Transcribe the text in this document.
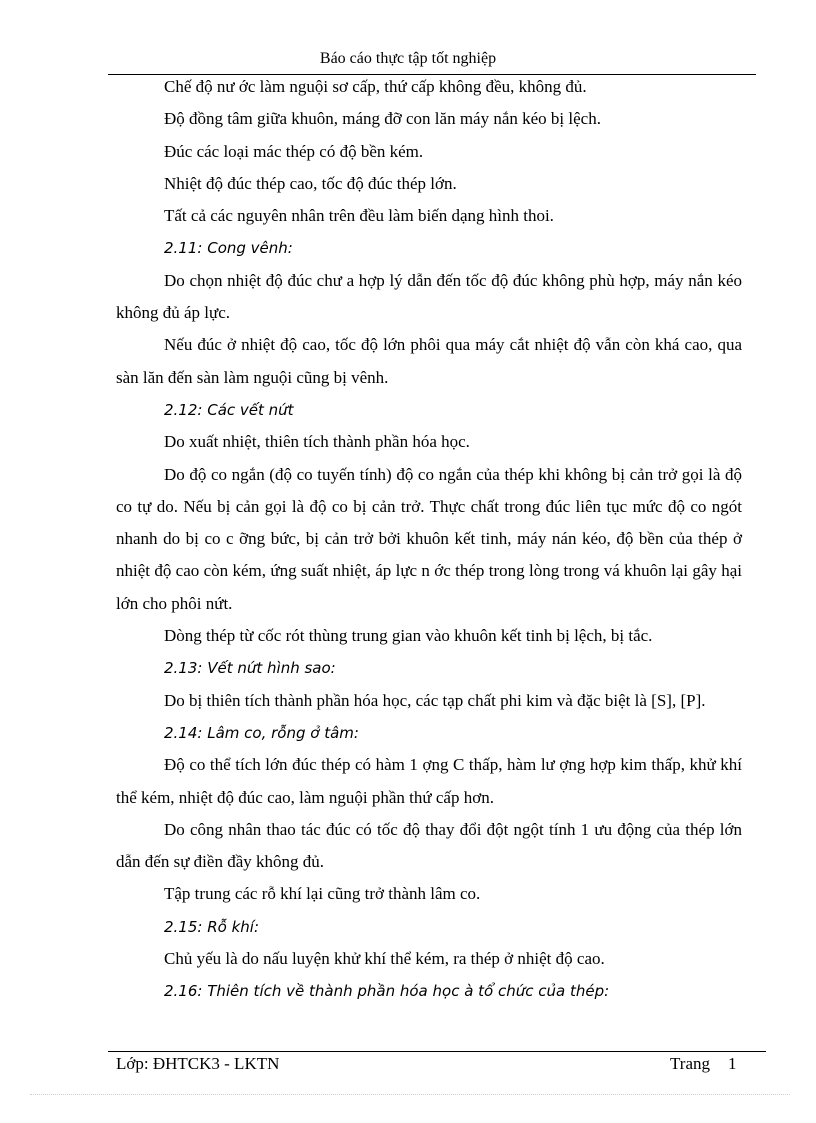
Báo cáo thực tập tốt nghiệp

Chế độ nư ớc làm nguội sơ cấp, thứ cấp không đều, không đủ.

Độ đồng tâm giữa khuôn, máng đỡ con lăn máy nắn kéo bị lệch.

Đúc các loại mác thép có độ bền kém.

Nhiệt độ đúc thép cao, tốc độ đúc thép lớn.

Tất cả các nguyên nhân trên đều làm biến dạng hình thoi.

2.11: Cong vênh:

Do chọn nhiệt độ đúc chư a hợp lý dẫn đến tốc độ đúc không phù hợp, máy nắn kéo không đủ áp lực.

Nếu đúc ở nhiệt độ cao, tốc độ lớn phôi qua máy cắt nhiệt độ vẫn còn khá cao, qua sàn lăn đến sàn làm nguội cũng bị vênh.

2.12: Các vết nứt

Do xuất nhiệt, thiên tích thành phần hóa học.

Do độ co ngắn (độ co tuyến tính) độ co ngắn của thép khi không bị cản trở gọi là độ co tự do. Nếu bị cản gọi là độ co bị cản trở. Thực chất trong đúc liên tục mức độ co ngót nhanh do bị co c ỡng bức, bị cản trở bởi khuôn kết tinh, máy nán kéo, độ bền của thép ở nhiệt độ cao còn kém, ứng suất nhiệt, áp lực n ớc thép trong lòng trong vá khuôn lại gây hại lớn cho phôi nứt.

Dòng thép từ cốc rót thùng trung gian vào khuôn kết tinh bị lệch, bị tắc.

2.13: Vết nứt hình sao:

Do bị thiên tích thành phần hóa học, các tạp chất phi kim và đặc biệt là [S], [P].

2.14: Lâm co, rỗng ở tâm:

Độ co thể tích lớn đúc thép có hàm 1 ợng C thấp, hàm lư ợng hợp kim thấp, khử khí thể kém, nhiệt độ đúc cao, làm nguội phần thứ cấp hơn.

Do công nhân thao tác đúc có tốc độ thay đổi đột ngột tính 1 ưu động của thép lớn dẫn đến sự điền đầy không đủ.

Tập trung các rỗ khí lại cũng trở thành lâm co.

2.15: Rỗ khí:

Chủ yếu là do nấu luyện khử khí thể kém, ra thép ở nhiệt độ cao.

2.16: Thiên tích về thành phần hóa học à tổ chức của thép:

Lớp: ĐHTCK3 - LKTN	Trang 1
